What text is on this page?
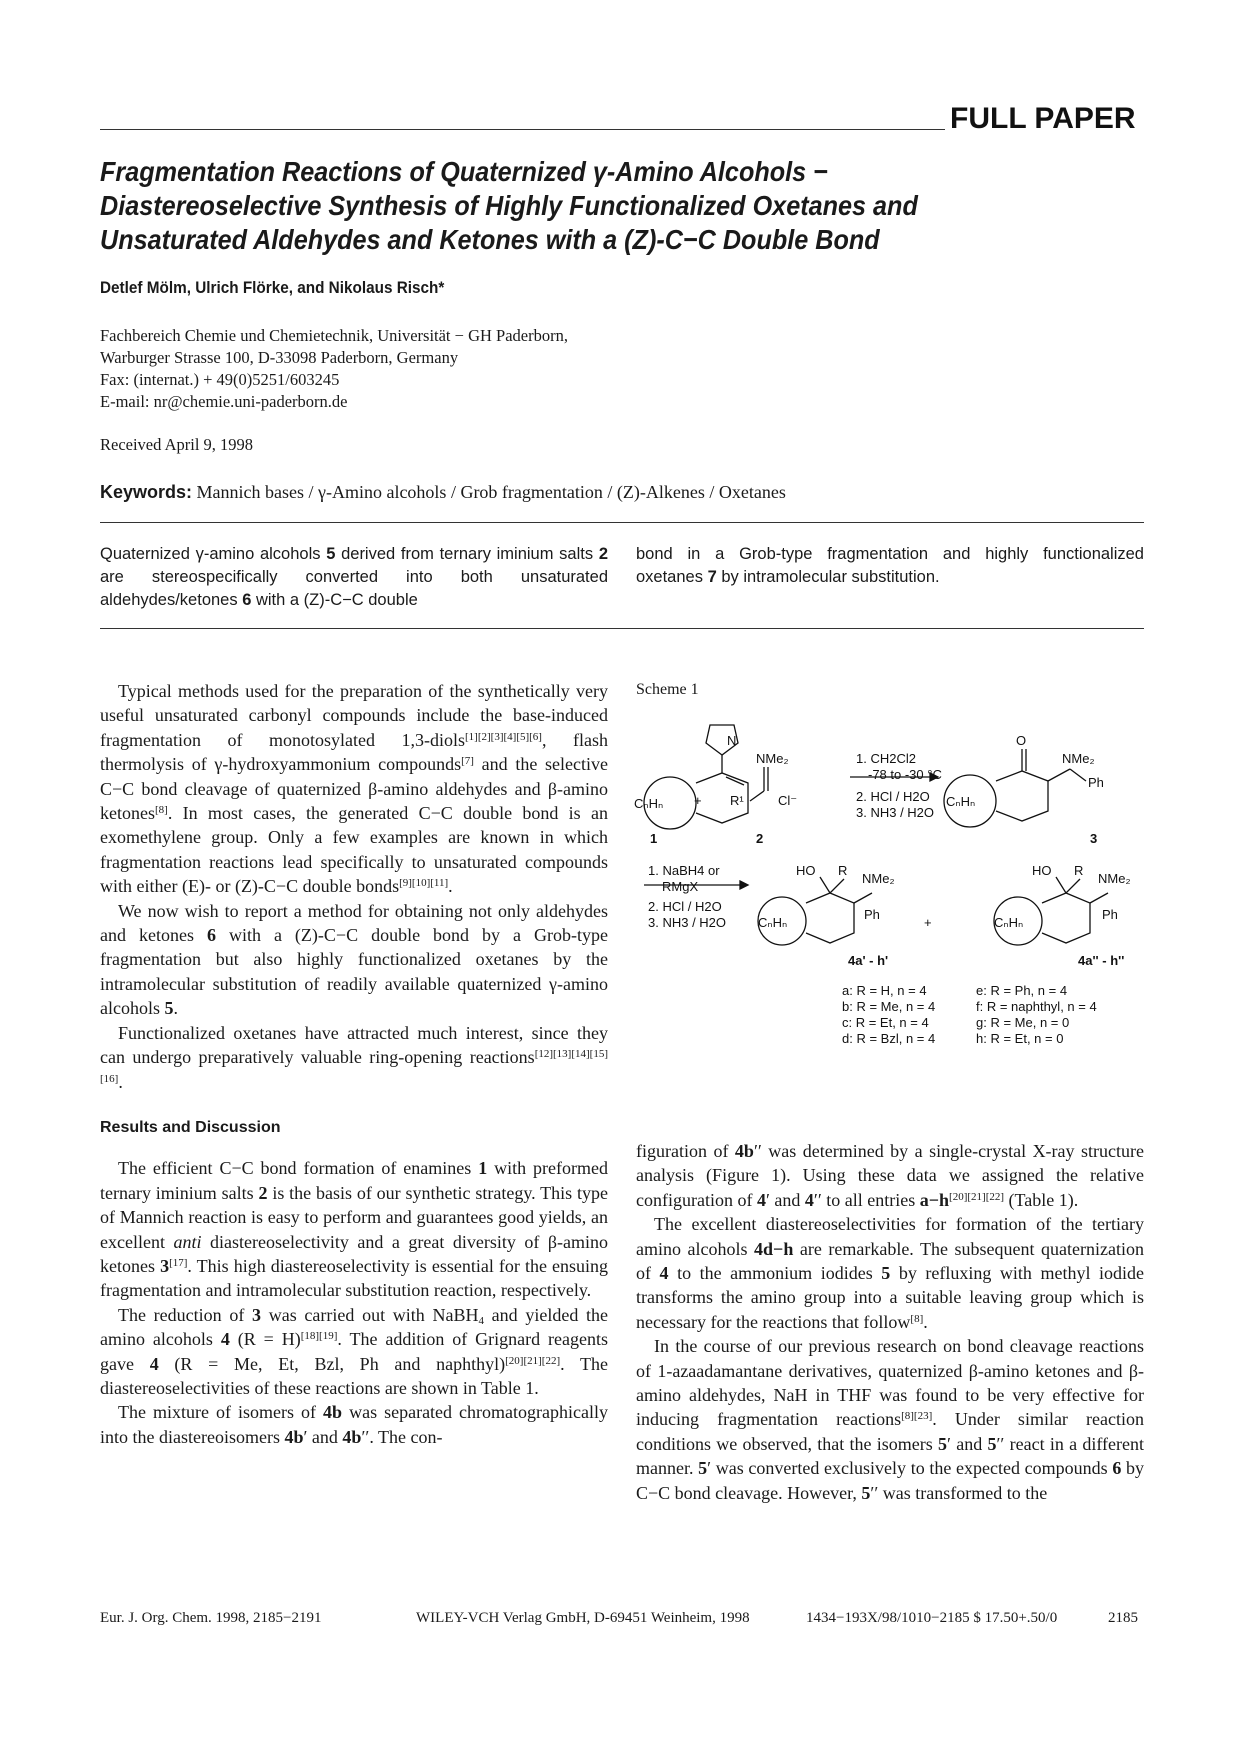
FULL PAPER
Fragmentation Reactions of Quaternized γ-Amino Alcohols −
Diastereoselective Synthesis of Highly Functionalized Oxetanes and
Unsaturated Aldehydes and Ketones with a (Z)-C−C Double Bond
Detlef Mölm, Ulrich Flörke, and Nikolaus Risch*
Fachbereich Chemie und Chemietechnik, Universität − GH Paderborn,
Warburger Strasse 100, D-33098 Paderborn, Germany
Fax: (internat.) + 49(0)5251/603245
E-mail: nr@chemie.uni-paderborn.de
Received April 9, 1998
Keywords: Mannich bases / γ-Amino alcohols / Grob fragmentation / (Z)-Alkenes / Oxetanes
Quaternized γ-amino alcohols 5 derived from ternary iminium salts 2 are stereospecifically converted into both unsaturated aldehydes/ketones 6 with a (Z)-C−C double
bond in a Grob-type fragmentation and highly functionalized oxetanes 7 by intramolecular substitution.

Typical methods used for the preparation of the synthetically very useful unsaturated carbonyl compounds include the base-induced fragmentation of monotosylated 1,3-diols[1][2][3][4][5][6], flash thermolysis of γ-hydroxyammonium compounds[7] and the selective C−C bond cleavage of quaternized β-amino aldehydes and β-amino ketones[8]. In most cases, the generated C−C double bond is an exomethylene group. Only a few examples are known in which fragmentation reactions lead specifically to unsaturated compounds with either (E)- or (Z)-C−C double bonds[9][10][11].

We now wish to report a method for obtaining not only aldehydes and ketones 6 with a (Z)-C−C double bond by a Grob-type fragmentation but also highly functionalized oxetanes by the intramolecular substitution of readily available quaternized γ-amino alcohols 5.

Functionalized oxetanes have attracted much interest, since they can undergo preparatively valuable ring-opening reactions[12][13][14][15][16].

Results and Discussion

The efficient C−C bond formation of enamines 1 with preformed ternary iminium salts 2 is the basis of our synthetic strategy. This type of Mannich reaction is easy to perform and guarantees good yields, an excellent anti diastereoselectivity and a great diversity of β-amino ketones 3[17]. This high diastereoselectivity is essential for the ensuing fragmentation and intramolecular substitution reaction, respectively.

The reduction of 3 was carried out with NaBH$_4$ and yielded the amino alcohols 4 (R = H)[18][19]. The addition of Grignard reagents gave 4 (R = Me, Et, Bzl, Ph and naphthyl)[20][21][22]. The diastereoselectivities of these reactions are shown in Table 1.

The mixture of isomers of 4b was separated chromatographically into the diastereoisomers 4b′ and 4b′′. The con-

Scheme 1
N
CₙHₙ
NMe₂
R¹	Cl⁻
+
1. CH2Cl2
-78 to -30 °C
2. HCl / H2O
3. NH3 / H2O
CₙHₙ
O
NMe₂
Ph
1	2	3
1. NaBH4 or
RMgX
2. HCl / H2O
3. NH3 / H2O
HO R
NMe₂
Ph
CₙHₙ	+
HO R
NMe₂
Ph
CₙHₙ
4a' - h'	4a'' - h''
a: R = H, n = 4
b: R = Me, n = 4
c: R = Et, n = 4
d: R = Bzl, n = 4
e: R = Ph, n = 4
f: R = naphthyl, n = 4
g: R = Me, n = 0
h: R = Et, n = 0

figuration of 4b′′ was determined by a single-crystal X-ray structure analysis (Figure 1). Using these data we assigned the relative configuration of 4′ and 4′′ to all entries a−h[20][21][22] (Table 1).

The excellent diastereoselectivities for formation of the tertiary amino alcohols 4d−h are remarkable. The subsequent quaternization of 4 to the ammonium iodides 5 by refluxing with methyl iodide transforms the amino group into a suitable leaving group which is necessary for the reactions that follow[8].

In the course of our previous research on bond cleavage reactions of 1-azaadamantane derivatives, quaternized β-amino ketones and β-amino aldehydes, NaH in THF was found to be very effective for inducing fragmentation reactions[8][23]. Under similar reaction conditions we observed, that the isomers 5′ and 5′′ react in a different manner. 5′ was converted exclusively to the expected compounds 6 by C−C bond cleavage. However, 5′′ was transformed to the

Eur. J. Org. Chem. 1998, 2185−2191	WILEY-VCH Verlag GmbH, D-69451 Weinheim, 1998	1434−193X/98/1010−2185 $ 17.50+.50/0	2185
